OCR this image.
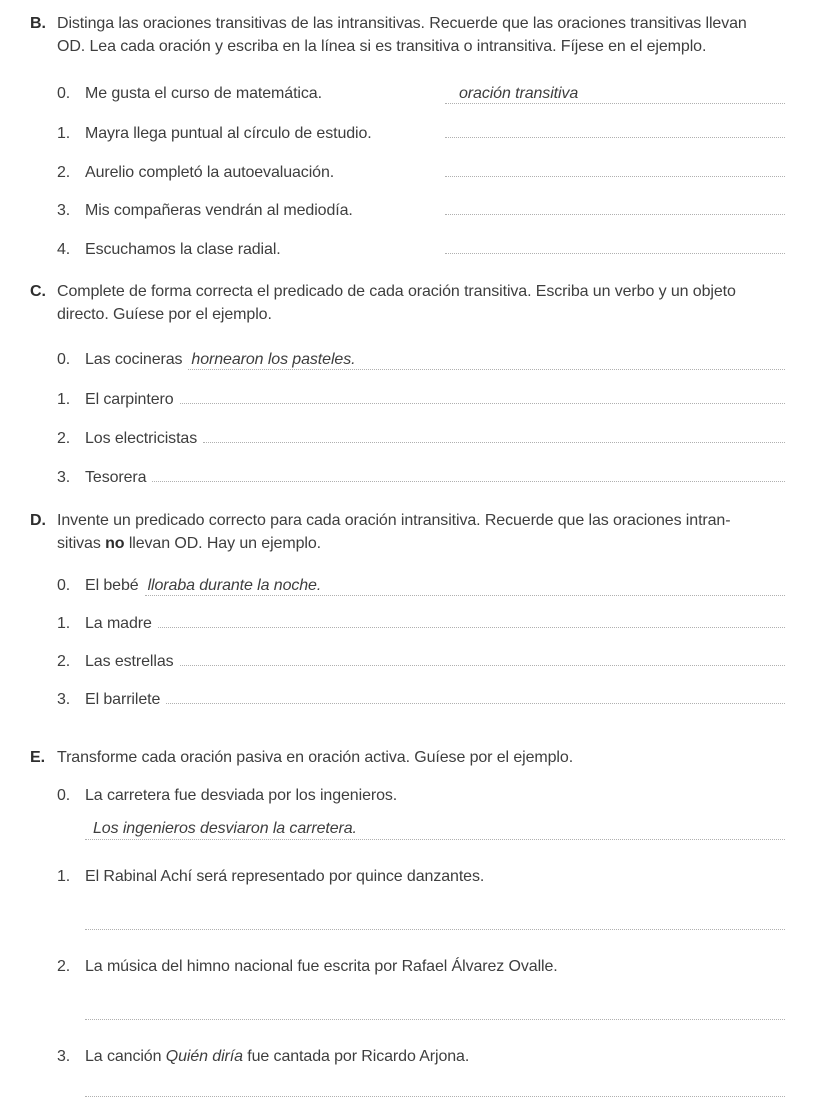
B. Distinga las oraciones transitivas de las intransitivas. Recuerde que las oraciones transitivas llevan
OD. Lea cada oración y escriba en la línea si es transitiva o intransitiva. Fíjese en el ejemplo.
0. Me gusta el curso de matemática.	oración transitiva
1. Mayra llega puntual al círculo de estudio.
2. Aurelio completó la autoevaluación.
3. Mis compañeras vendrán al mediodía.
4. Escuchamos la clase radial.
C. Complete de forma correcta el predicado de cada oración transitiva. Escriba un verbo y un objeto
directo. Guíese por el ejemplo.
0. Las cocineras hornearon los pasteles.
1. El carpintero
2. Los electricistas
3. Tesorera
D. Invente un predicado correcto para cada oración intransitiva. Recuerde que las oraciones intran-
sitivas no llevan OD. Hay un ejemplo.
0. El bebé lloraba durante la noche.
1. La madre
2. Las estrellas
3. El barrilete
E. Transforme cada oración pasiva en oración activa. Guíese por el ejemplo.
0. La carretera fue desviada por los ingenieros.
Los ingenieros desviaron la carretera.
1. El Rabinal Achí será representado por quince danzantes.
2. La música del himno nacional fue escrita por Rafael Álvarez Ovalle.
3. La canción Quién diría fue cantada por Ricardo Arjona.
